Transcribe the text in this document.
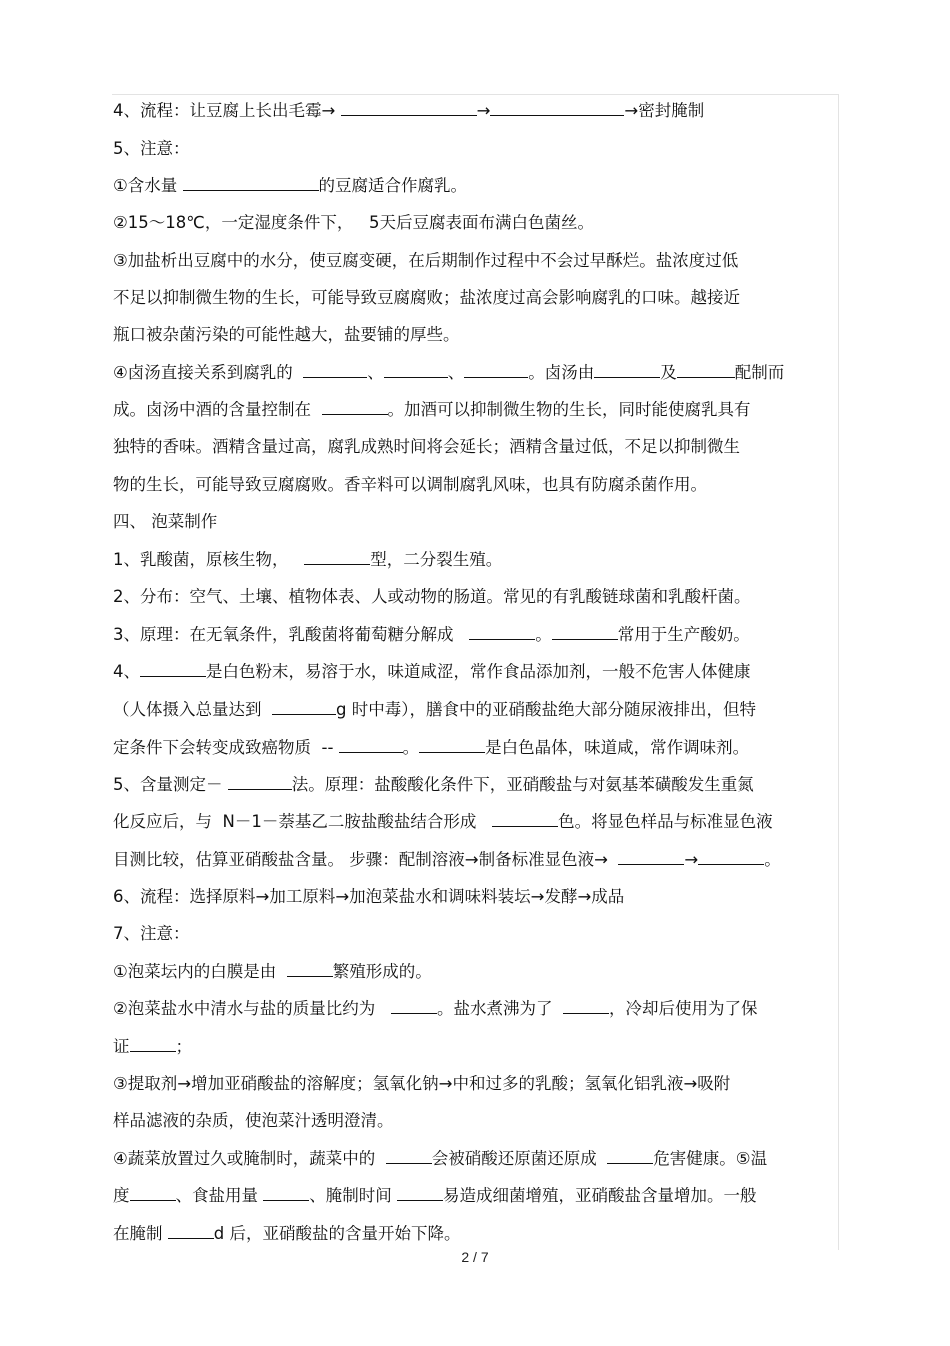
4、流程：让豆腐上长出毛霉→	→	→密封腌制
5、注意：
①含水量	的豆腐适合作腐乳。
②15～18℃，一定湿度条件下，   5天后豆腐表面布满白色菌丝。
③加盐析出豆腐中的水分，使豆腐变硬，在后期制作过程中不会过早酥烂。盐浓度过低
不足以抑制微生物的生长，可能导致豆腐腐败；盐浓度过高会影响腐乳的口味。越接近
瓶口被杂菌污染的可能性越大，盐要铺的厚些。
④卤汤直接关系到腐乳的	、	、	。卤汤由	及	配制而
成。卤汤中酒的含量控制在	。加酒可以抑制微生物的生长，同时能使腐乳具有
独特的香味。酒精含量过高，腐乳成熟时间将会延长；酒精含量过低，不足以抑制微生
物的生长，可能导致豆腐腐败。香辛料可以调制腐乳风味，也具有防腐杀菌作用。
四、 泡菜制作
1、乳酸菌，原核生物，	型，二分裂生殖。
2、分布：空气、土壤、植物体表、人或动物的肠道。常见的有乳酸链球菌和乳酸杆菌。
3、原理：在无氧条件，乳酸菌将葡萄糖分解成	。	常用于生产酸奶。
4、	是白色粉末，易溶于水，味道咸涩，常作食品添加剂，一般不危害人体健康
（人体摄入总量达到	g 时中毒），膳食中的亚硝酸盐绝大部分随尿液排出，但特
定条件下会转变成致癌物质  --	。	是白色晶体，味道咸，常作调味剂。
5、含量测定－	法。原理：盐酸酸化条件下，亚硝酸盐与对氨基苯磺酸发生重氮
化反应后，与  N－1－萘基乙二胺盐酸盐结合形成	色。将显色样品与标准显色液
目测比较，估算亚硝酸盐含量。 步骤：配制溶液→制备标准显色液→	→	。
6、流程：选择原料→加工原料→加泡菜盐水和调味料装坛→发酵→成品
7、注意：
①泡菜坛内的白膜是由	繁殖形成的。
②泡菜盐水中清水与盐的质量比约为	。盐水煮沸为了	，冷却后使用为了保
证	；
③提取剂→增加亚硝酸盐的溶解度；氢氧化钠→中和过多的乳酸；氢氧化铝乳液→吸附
样品滤液的杂质，使泡菜汁透明澄清。
④蔬菜放置过久或腌制时，蔬菜中的	会被硝酸还原菌还原成	危害健康。⑤温
度	、食盐用量	、腌制时间	易造成细菌增殖，亚硝酸盐含量增加。一般
在腌制	d 后，亚硝酸盐的含量开始下降。
2 / 7
